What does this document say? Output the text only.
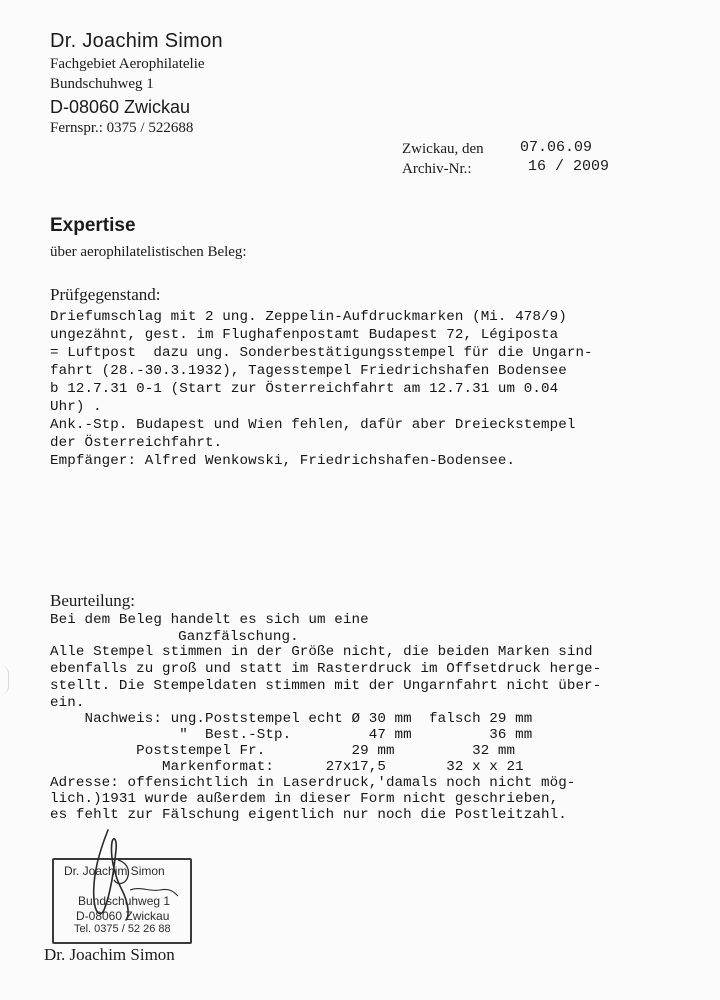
Dr. Joachim Simon
Fachgebiet Aerophilatelie
Bundschuhweg 1
D-08060 Zwickau
Fernspr.: 0375 / 522688
Zwickau, den 07.06.09
Archiv-Nr.:	16 / 2009
Expertise
über aerophilatelistischen Beleg:
Prüfgegenstand:
Driefumschlag mit 2 ung. Zeppelin-Aufdruckmarken (Mi. 478/9)
ungezähnt, gest. im Flughafenpostamt Budapest 72, Légiposta
= Luftpost  dazu ung. Sonderbestätigungsstempel für die Ungarn-
fahrt (28.-30.3.1932), Tagesstempel Friedrichshafen Bodensee
b 12.7.31 0-1 (Start zur Österreichfahrt am 12.7.31 um 0.04
Uhr) .
Ank.-Stp. Budapest und Wien fehlen, dafür aber Dreieckstempel
der Österreichfahrt.
Empfänger: Alfred Wenkowski, Friedrichshafen-Bodensee.
Beurteilung:
Bei dem Beleg handelt es sich um eine
Ganzfälschung.
Alle Stempel stimmen in der Größe nicht, die beiden Marken sind
ebenfalls zu groß und statt im Rasterdruck im Offsetdruck herge-
stellt. Die Stempeldaten stimmen mit der Ungarnfahrt nicht über-
ein.
Nachweis: ung.Poststempel echt Ø 30 mm  falsch 29 mm
"  Best.-Stp.         47 mm         36 mm
Poststempel Fr.          29 mm         32 mm
Markenformat:      27x17,5       32 x x 21
Adresse: offensichtlich in Laserdruck,'damals noch nicht mög-
lich.)1931 wurde außerdem in dieser Form nicht geschrieben,
es fehlt zur Fälschung eigentlich nur noch die Postleitzahl.
Dr. Joachim Simon
Bundschuhweg 1
D-08060 Zwickau
Tel. 0375 / 52 26 88
Dr. Joachim Simon
